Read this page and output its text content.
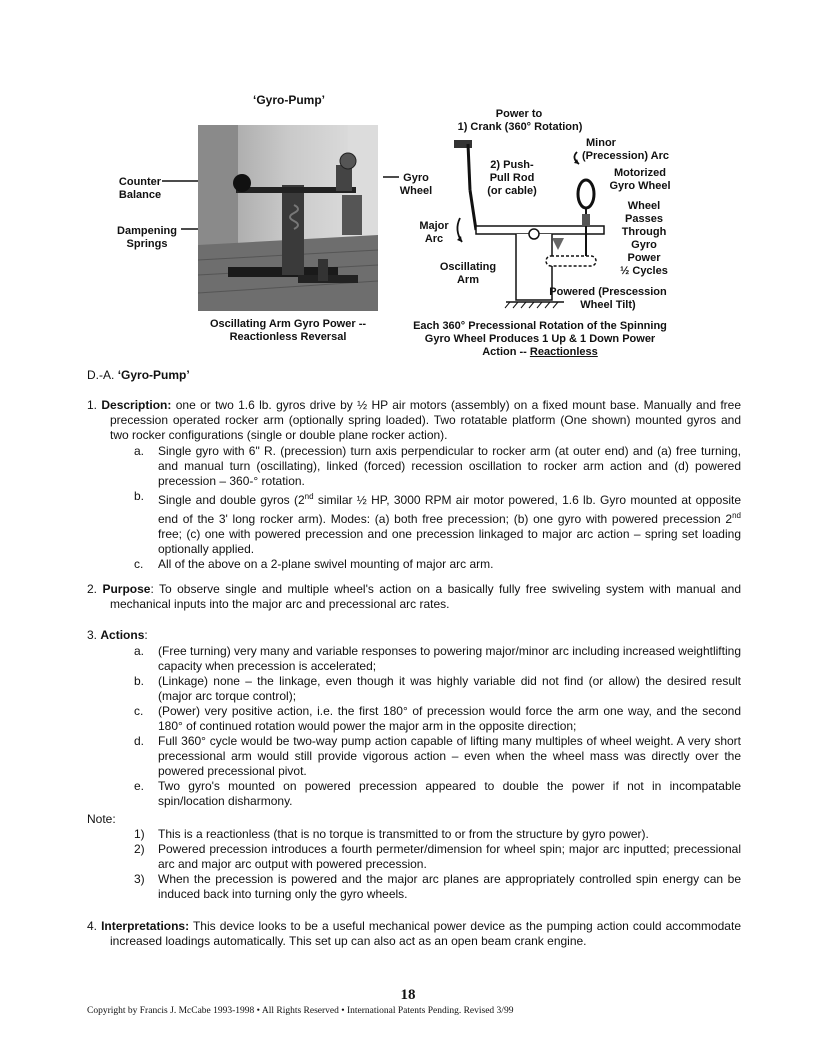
‘Gyro-Pump’
Counter
Balance
Dampening
Springs
Gyro
Wheel
Oscillating Arm Gyro Power --
Reactionless Reversal
Power to
1) Crank (360° Rotation)
2) Push-
Pull Rod
(or cable)
Minor
(Precession) Arc
Motorized
Gyro Wheel
Wheel
Passes
Through
Gyro
Power
½ Cycles
Major
Arc
Oscillating
Arm
Powered (Prescession
Wheel Tilt)
Each 360° Precessional Rotation of the Spinning
Gyro Wheel Produces 1 Up & 1 Down Power
Action -- Reactionless
D.-A. ‘Gyro-Pump’
1. Description: one or two 1.6 lb. gyros drive by ½ HP air motors (assembly) on a fixed mount base. Manually and free precession operated rocker arm (optionally spring loaded). Two rotatable platform (One shown) mounted gyros and two rocker configurations (single or double plane rocker action).
a. Single gyro with 6" R. (precession) turn axis perpendicular to rocker arm (at outer end) and (a) free turning, and manual turn (oscillating), linked (forced) recession oscillation to rocker arm action and (d) powered precession – 360-° rotation.
b. Single and double gyros (2nd similar ½ HP, 3000 RPM air motor powered, 1.6 lb. Gyro mounted at opposite end of the 3' long rocker arm). Modes: (a) both free precession; (b) one gyro with powered precession 2nd free; (c) one with powered precession and one precession linkaged to major arc action – spring set loading optionally applied.
c. All of the above on a 2-plane swivel mounting of major arc arm.
2. Purpose: To observe single and multiple wheel's action on a basically fully free swiveling system with manual and mechanical inputs into the major arc and precessional arc rates.
3. Actions:
a. (Free turning) very many and variable responses to powering major/minor arc including increased weightlifting capacity when precession is accelerated;
b. (Linkage) none – the linkage, even though it was highly variable did not find (or allow) the desired result (major arc torque control);
c. (Power) very positive action, i.e. the first 180° of precession would force the arm one way, and the second 180° of continued rotation would power the major arm in the opposite direction;
d. Full 360° cycle would be two-way pump action capable of lifting many multiples of wheel weight. A very short precessional arm would still provide vigorous action – even when the wheel mass was directly over the powered precessional pivot.
e. Two gyro's mounted on powered precession appeared to double the power if not in incompatable spin/location disharmony.
Note:
1) This is a reactionless (that is no torque is transmitted to or from the structure by gyro power).
2) Powered precession introduces a fourth permeter/dimension for wheel spin; major arc inputted; precessional arc and major arc output with powered precession.
3) When the precession is powered and the major arc planes are appropriately controlled spin energy can be induced back into turning only the gyro wheels.
4. Interpretations: This device looks to be a useful mechanical power device as the pumping action could accommodate increased loadings automatically. This set up can also act as an open beam crank engine.
18
Copyright by Francis J. McCabe 1993-1998 • All Rights Reserved • International Patents Pending. Revised 3/99
